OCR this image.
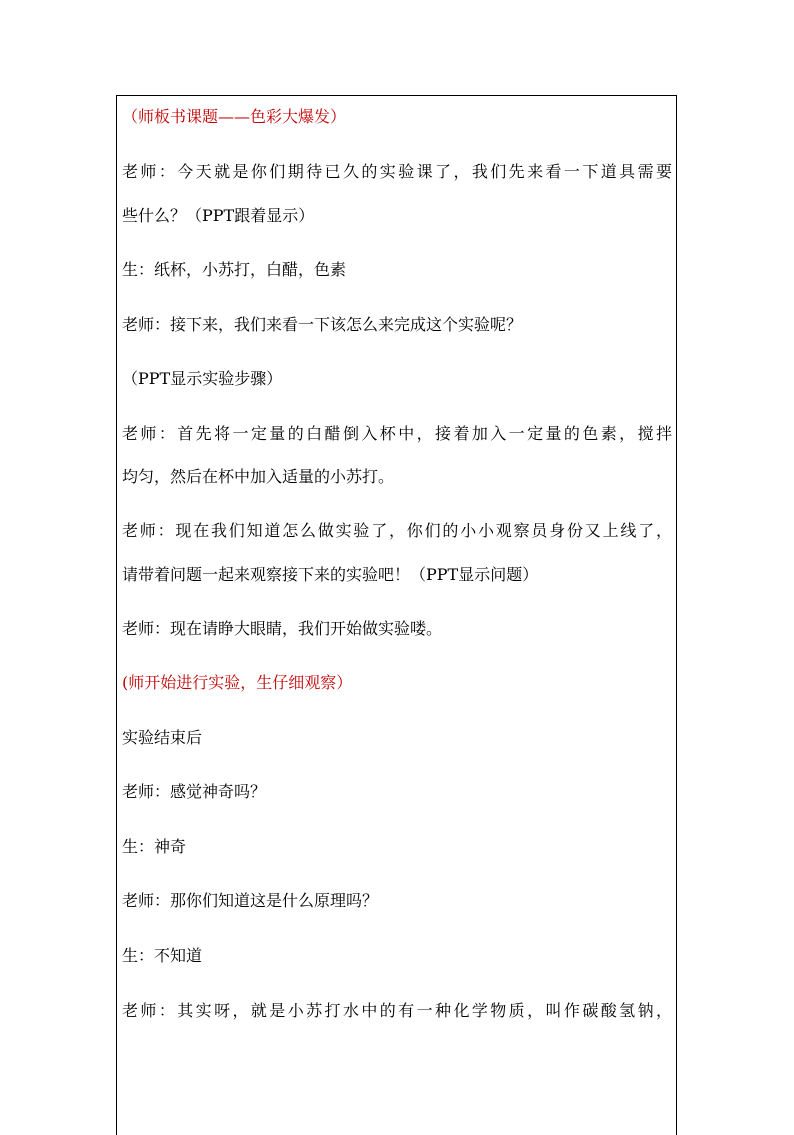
（师板书课题——色彩大爆发）
老师：今天就是你们期待已久的实验课了，我们先来看一下道具需要
些什么？（PPT跟着显示）
生：纸杯，小苏打，白醋，色素
老师：接下来，我们来看一下该怎么来完成这个实验呢？
（PPT显示实验步骤）
老师：首先将一定量的白醋倒入杯中，接着加入一定量的色素，搅拌
均匀，然后在杯中加入适量的小苏打。
老师：现在我们知道怎么做实验了，你们的小小观察员身份又上线了，
请带着问题一起来观察接下来的实验吧！（PPT显示问题）
老师：现在请睁大眼睛，我们开始做实验喽。
(师开始进行实验，生仔细观察）
实验结束后
老师：感觉神奇吗？
生：神奇
老师：那你们知道这是什么原理吗？
生：不知道
老师：其实呀，就是小苏打水中的有一种化学物质，叫作碳酸氢钠，
